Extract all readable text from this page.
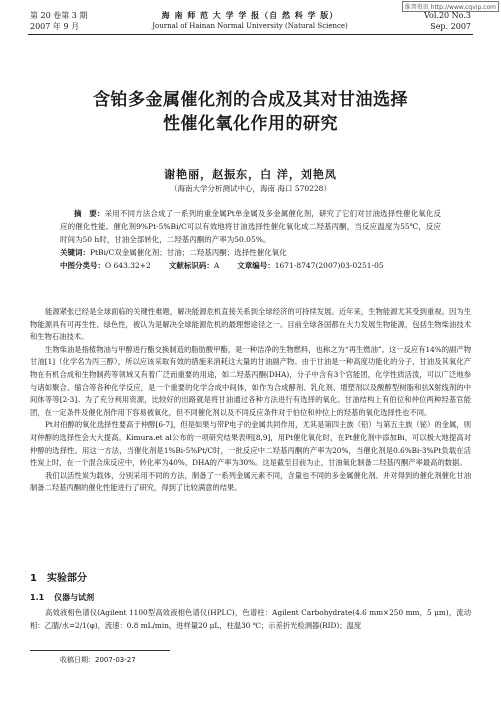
维普资讯 http://www.cqvip.com
第 20 卷第 3 期
2007 年 9 月
海 南 师 范 大 学 学 报（自 然 科 学 版）
Journal of Hainan Normal University (Natural Science)
Vol.20 No.3
Sep. 2007
含铂多金属催化剂的合成及其对甘油选择
性催化氧化作用的研究
谢艳丽，赵振东，白 洋，刘艳凤
（海南大学分析测试中心，海南 海口 570228）
摘　要：采用不同方法合成了一系列的重金属Pt单金属及多金属催化剂，研究了它们对甘油选择性催化氧化反应的催化性能。催化剂9%Pt-5%Bi/C可以有效地将甘油选择性催化氧化成二羟基丙酮，当反应温度为55℃，反应时间为50 h时，甘油全部转化，二羟基丙酮的产率为50.05%。
关键词：PtBi/C双金属催化剂；甘油；二羟基丙酮；选择性催化氧化
中图分类号：O 643.32+2 文献标识码：A 文章编号：1671-8747(2007)03-0251-05

能源紧张已经是全球面临的关键性难题，解决能源危机直接关系到全球经济的可持续发展。近年来，生物能源尤其受到重视。因为生物能源具有可再生性、绿色性，被认为是解决全球能源危机的最理想途径之一。目前全球各国都在大力发展生物能源，包括生物柴油技术和生物石油技术。

生物柴油是指植物油与甲醇进行酯交换制造的脂肪酸甲酯，是一种洁净的生物燃料，也称之为“再生燃油”。这一反应有14%的副产物甘油[1]（化学名为丙三醇），所以应该采取有效的措施来消耗这大量的甘油副产物。由于甘油是一种高度功能化的分子，甘油及其氧化产物在有机合成和生物制药等领域又有着广泛而重要的用途，如二羟基丙酮(DHA)，分子中含有3个官能团，化学性质活泼，可以广泛地参与诸如聚合、缩合等各种化学反应，是一个重要的化学合成中间体，如作为合成酵剂、乳化剂、增塑剂以及酸醇型树脂和抗X射线剂的中间体等等[2-3]。为了充分利用资源，比较好的出路就是将甘油通过各种方法进行有选择的氧化。甘油结构上有伯位和仲位两种羟基官能团，在一定条件及催化剂作用下容易被氧化，但不同催化剂以及不同反应条件对于伯位和仲位上的羟基的氧化选择性也不同。

Pt对伯醇的氧化选择性要高于仲醇[6-7]，但是如果与带P电子的金属共同作用，尤其是第四主族（铅）与第五主族（铋）的金属，则对仲醇的选择性会大大提高。Kimura.et al公布的一项研究结果表明[8,9]，用Pt催化氧化时，在Pt催化剂中添加Bi，可以极大地提高对仲醇的选择性。用这一方法，当催化剂是1%Bi-5%Pt/C时，一批反应中二羟基丙酮的产率为20%，当催化剂是0.6%Bi-3%Pt负载在活性炭上时，在一个混合床反应中，转化率为40%，DHA的产率为30%。这是截至目前为止，甘油氧化制备二羟基丙酮产率最高的数据。

我们以活性炭为载体，分别采用不同的方法，制备了一系列金属元素不同，含量也不同的多金属催化剂。并对得到的催化剂催化甘油制备二羟基丙酮的催化性能进行了研究，得到了比较满意的结果。

1 实验部分
1.1 仪器与试剂
高效液相色谱仪(Agilent 1100型高效液相色谱仪(HPLC)，色谱柱：Agilent Carbohydrate(4.6 mm×250 mm，5 μm)，流动相：乙腈/水=2/1(φ)，流速：0.8 mL/min，进样量20 μL，柱温30 ℃；示差折光检测器(RID)；温度
收稿日期：2007-03-27
